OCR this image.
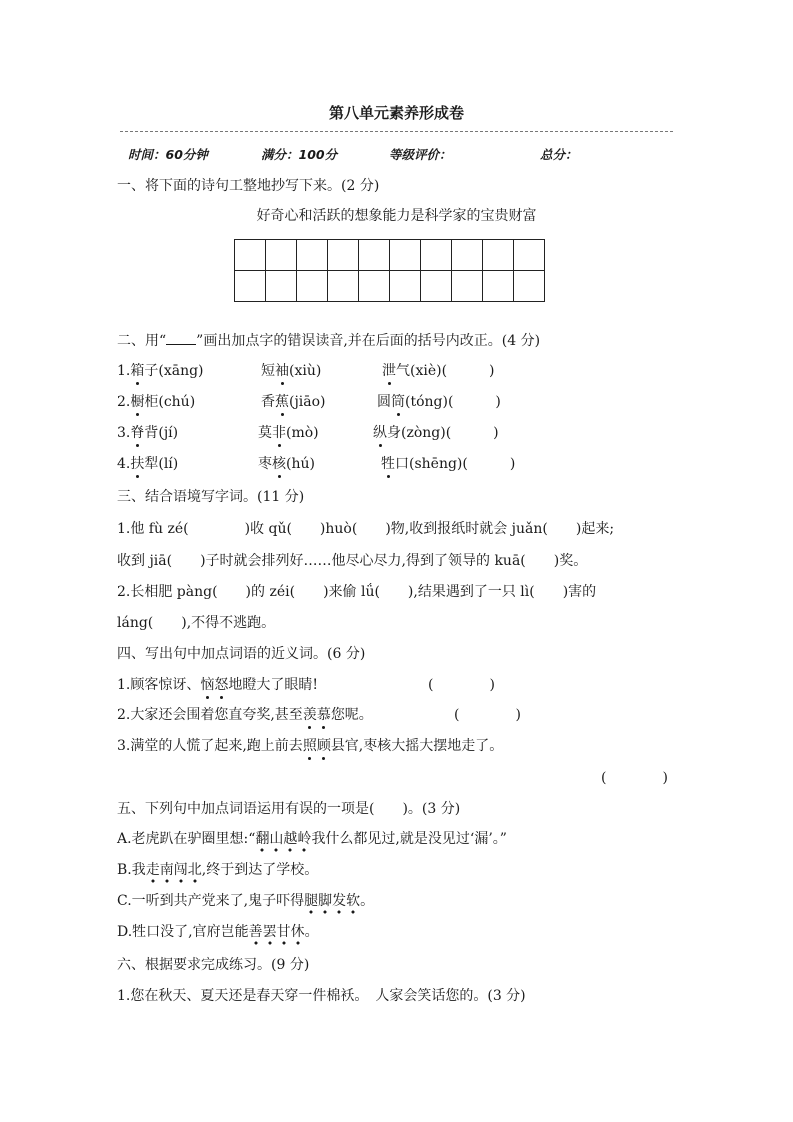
第八单元素养形成卷
时间：60分钟	满分：100分	等级评价：	总分：
一、将下面的诗句工整地抄写下来。(2 分)
好奇心和活跃的想象能力是科学家的宝贵财富

二、用“ ”画出加点字的错误读音,并在后面的括号内改正。(4 分)
1.箱子(xāng)	短袖(xiù)	泄气(xiè)(　　　)
2.橱柜(chú)	香蕉(jiāo)	圆筒(tóng)(　　　)
3.脊背(jí)	莫非(mò)	纵身(zòng)(　　　)
4.扶犁(lí)	枣核(hú)	牲口(shēng)(　　　)
三、结合语境写字词。(11 分)
1.他 fù zé(　　　　)收 qǔ(　　)huò(　　)物,收到报纸时就会 juǎn(　　)起来;
收到 jiā(　　)子时就会排列好……他尽心尽力,得到了领导的 kuā(　　)奖。
2.长相肥 pàng(　　)的 zéi(　　)来偷 lǘ(　　),结果遇到了一只 lì(　　)害的
láng(　　),不得不逃跑。
四、写出句中加点词语的近义词。(6 分)
1.顾客惊讶、恼怒地瞪大了眼睛!	(　　　　)
2.大家还会围着您直夸奖,甚至羡慕您呢。	(　　　　)
3.满堂的人慌了起来,跑上前去照顾县官,枣核大摇大摆地走了。
(　　　　)
五、下列句中加点词语运用有误的一项是(　　)。(3 分)
A.老虎趴在驴圈里想:“翻山越岭我什么都见过,就是没见过‘漏’。”
B.我走南闯北,终于到达了学校。
C.一听到共产党来了,鬼子吓得腿脚发软。
D.牲口没了,官府岂能善罢甘休。
六、根据要求完成练习。(9 分)
1.您在秋天、夏天还是春天穿一件棉袄。　人家会笑话您的。(3 分)
